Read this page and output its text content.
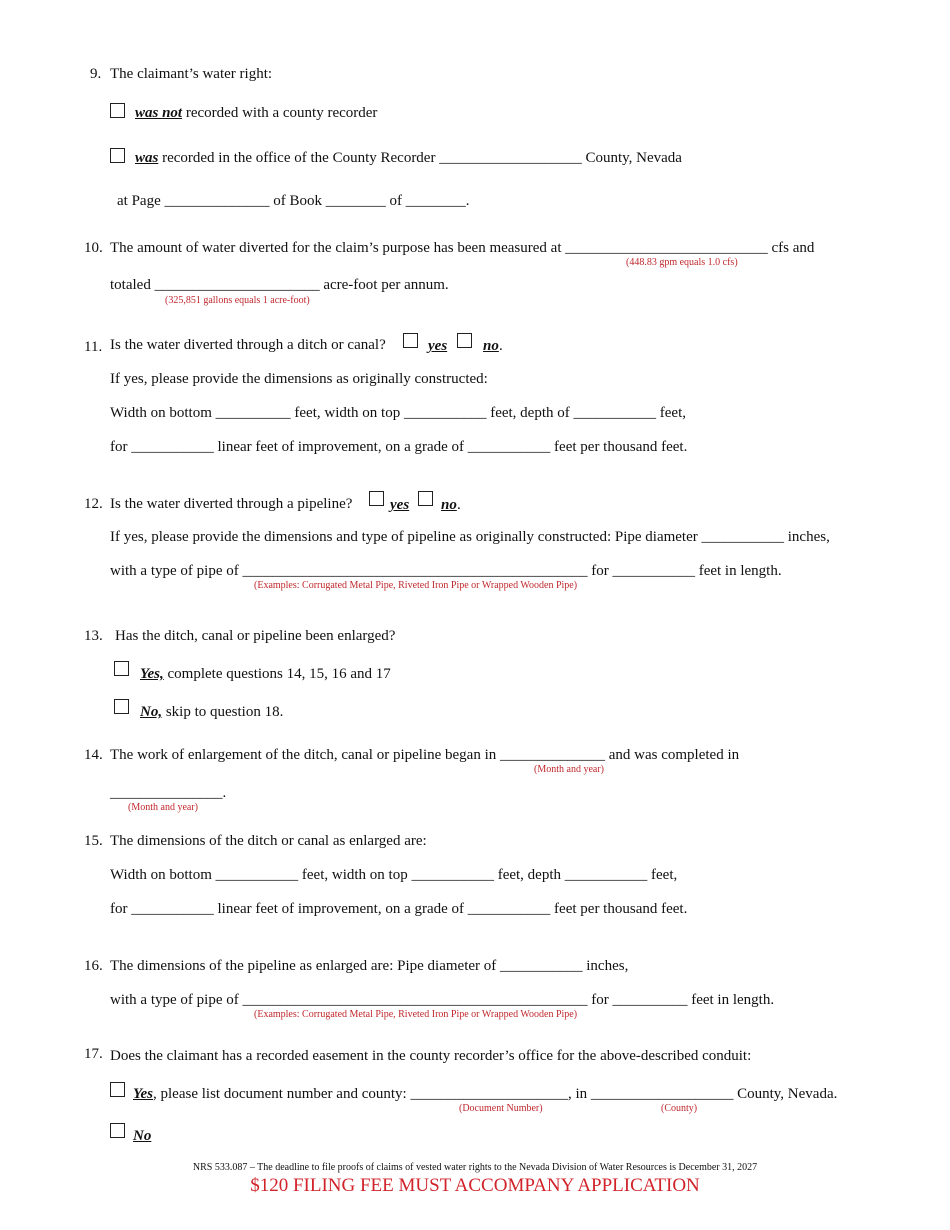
9. The claimant’s water right:
was not recorded with a county recorder
was recorded in the office of the County Recorder ___________________ County, Nevada
at Page ______________ of Book ________ of ________.
10. The amount of water diverted for the claim’s purpose has been measured at ___________________________ cfs and
(448.83 gpm equals 1.0 cfs)
totaled ______________________ acre-foot per annum.
(325,851 gallons equals 1 acre-foot)
11. Is the water diverted through a ditch or canal?	yes no .
If yes, please provide the dimensions as originally constructed:
Width on bottom __________ feet, width on top ___________ feet, depth of ___________ feet,
for ___________ linear feet of improvement, on a grade of ___________ feet per thousand feet.
12. Is the water diverted through a pipeline?	yes no .
If yes, please provide the dimensions and type of pipeline as originally constructed: Pipe diameter ___________ inches,
with a type of pipe of ______________________________________________ for ___________ feet in length.
(Examples: Corrugated Metal Pipe, Riveted Iron Pipe or Wrapped Wooden Pipe)
13. Has the ditch, canal or pipeline been enlarged?
Yes, complete questions 14, 15, 16 and 17
No, skip to question 18.
14. The work of enlargement of the ditch, canal or pipeline began in ______________ and was completed in
(Month and year)
_______________.
(Month and year)
15. The dimensions of the ditch or canal as enlarged are:
Width on bottom ___________ feet, width on top ___________ feet, depth ___________ feet,
for ___________ linear feet of improvement, on a grade of ___________ feet per thousand feet.
16. The dimensions of the pipeline as enlarged are: Pipe diameter of ___________ inches,
with a type of pipe of ______________________________________________ for __________ feet in length.
(Examples: Corrugated Metal Pipe, Riveted Iron Pipe or Wrapped Wooden Pipe)
17. Does the claimant has a recorded easement in the county recorder’s office for the above-described conduit:
Yes, please list document number and county: _____________________, in ___________________ County, Nevada.
(Document Number)	(County)
No
NRS 533.087 – The deadline to file proofs of claims of vested water rights to the Nevada Division of Water Resources is December 31, 2027
$120 FILING FEE MUST ACCOMPANY APPLICATION
